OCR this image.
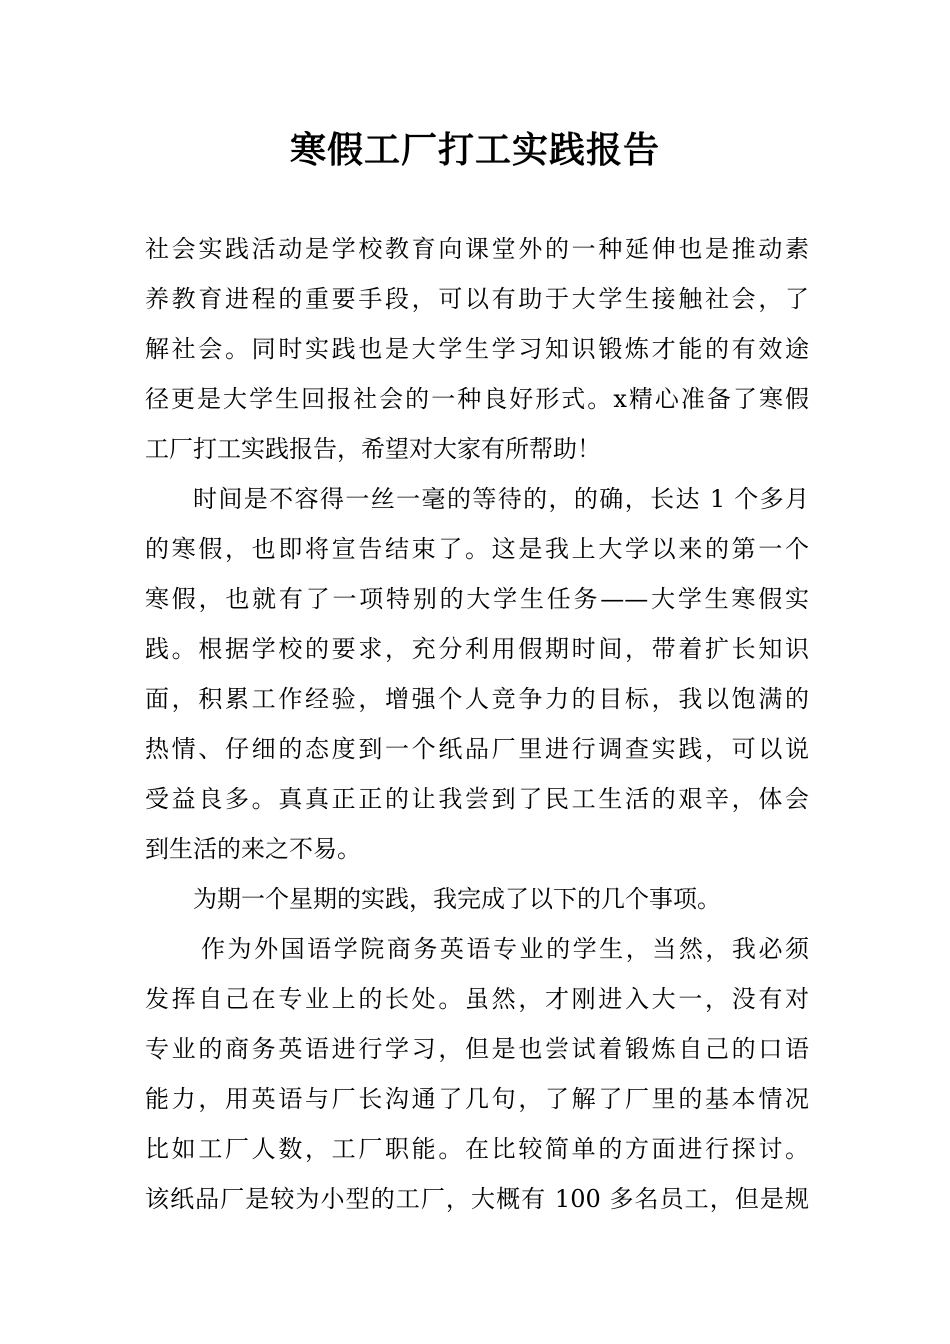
寒假工厂打工实践报告
社会实践活动是学校教育向课堂外的一种延伸也是推动素
养教育进程的重要手段，可以有助于大学生接触社会，了
解社会。同时实践也是大学生学习知识锻炼才能的有效途
径更是大学生回报社会的一种良好形式。x精心准备了寒假
工厂打工实践报告，希望对大家有所帮助！
时间是不容得一丝一毫的等待的，的确，长达 1 个多月
的寒假，也即将宣告结束了。这是我上大学以来的第一个
寒假，也就有了一项特别的大学生任务——大学生寒假实
践。根据学校的要求，充分利用假期时间，带着扩长知识
面，积累工作经验，增强个人竞争力的目标，我以饱满的
热情、仔细的态度到一个纸品厂里进行调查实践，可以说
受益良多。真真正正的让我尝到了民工生活的艰辛，体会
到生活的来之不易。
为期一个星期的实践，我完成了以下的几个事项。
作为外国语学院商务英语专业的学生，当然，我必须
发挥自己在专业上的长处。虽然，才刚进入大一，没有对
专业的商务英语进行学习，但是也尝试着锻炼自己的口语
能力，用英语与厂长沟通了几句，了解了厂里的基本情况
比如工厂人数，工厂职能。在比较简单的方面进行探讨。
该纸品厂是较为小型的工厂，大概有 100 多名员工，但是规
